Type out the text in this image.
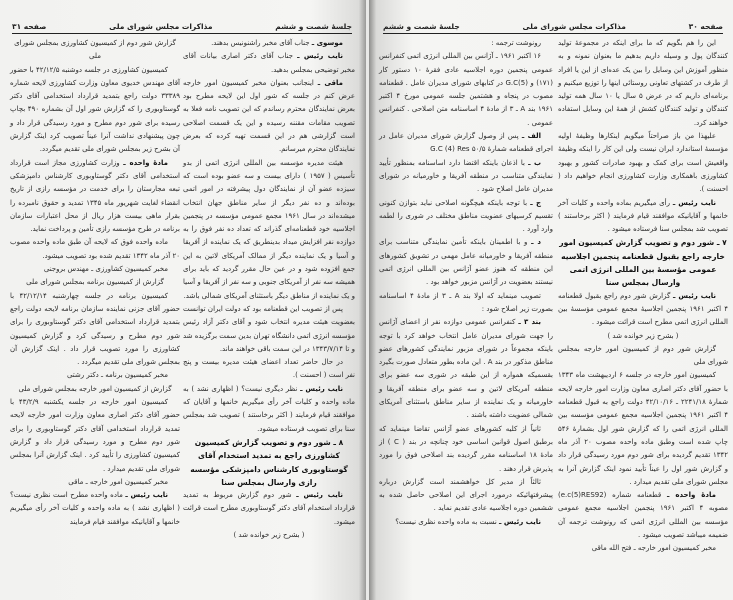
جلسهٔ شصت و ششم
مذاکرات مجلس شورای ملی
صفحه ۳۱

موسوی ـ جناب آقای مخبر راشنونیس بدهند.

نایب رئیس ـ جناب آقای دکتر اصاری بیانات آقای مخبر توضیحی بمجلس بدهید.

ماقی ـ اینجانب بعنوان مخبر کمیسیون امور خارجه عرض کنم در جلسه که شور اول این لایحه مطرح بود بعرض نمایندگان محترم رساندم که این تصویب نامه فعلا به تصویب مقامات مقننه رسیده و این یک قسمت اصلاحی است گزارشی هم در این قسمت تهیه کرده که بعرض نمایندگان محترم میرسانم.

هیئت مدیره مؤسسه بین المللی انرژی اتمی از بدو تأسیس ( ۱۹۵۷ ) دارای بیست و سه عضو بوده است که سیزده عضو آن از نمایندگان دول پیشرفته در امور اتمی بوده‌اند و ده نفر دیگر از سایر مناطق جهان انتخاب میشده‌اند در سال ۱۹۶۱ مجمع عمومی مؤسسه در پنجمین اجلاسیه خود قطعنامه‌ای گذراند که تعداد ده نفر فوق را به دوازده نفر افزایش میداد بدینطریق که یک نماینده از آفریقا و آسیا و یک نماینده دیگر از ممالک آمریکای لاتین به این جمع افزوده شود و در عین حال مقرر گردید که باید برای همیشه سه نفر از آمریکای جنوبی و سه نفر از آفریقا و آسیا و یک نماینده از مناطق دیگر باستثنای آمریکای شمالی باشد.

پس از تصویب این قطعنامه بود که دولت ایران توانست بعضویت هیئت مدیره انتخاب شود و آقای دکتر آزاد رئیس مؤسسه انرژی اتمی دانشگاه تهران بدین سمت برگزیده شد و تا ۱۳۴۳/۷/۱۴ در این سمت باقی خواهند ماند.

در حال حاضر تعداد اعضای هیئت مدیره بیست و پنج نفر است ( احسنت ).

نایب رئیس ـ نظر دیگری نیست؟ ( اظهاری نشد ) به ماده واحده و کلیات آخر رأی میگیریم خانمها و آقایان که موافقند قیام فرمایند ( اکثر برخاستند ) تصویب شد بمجلس سنا برای تصویب فرستاده میشود.

۸ ـ شور دوم و تصویب گزارش کمیسیون کشاورزی راجع به تمدید استخدام آقای گوستاوبوری کارشناس دامپزشکی مؤسسه رازی وارسال بمجلس سنا

نایب رئیس ـ شور دوم گزارش مربوط به تمدید قرارداد استخدام آقای دکتر گوستاوبوری مطرح است قرائت میشود.

( بشرح زیر خوانده شد )

گزارش شور دوم از کمیسیون کشاورزی بمجلس شورای ملی

کمیسیون کشاورزی در جلسه دوشنبه ۴۲/۱۲/۵ با حضور آقای مهندس خدیوی معاون وزارت کشاورزی لایحه شماره ۳۳۳۸۹ دولت راجع بتمدید قرارداد استخدامی آقای دکتر گوستاوبوری را که گزارش شور اول آن بشماره ۴۹۰ بچاپ رسیده برای شور دوم مطرح و مورد رسیدگی قرار داد و چون پیشنهادی نداشت آنرا عیناً تصویب کرد اینک گزارش آن بشرح زیر بمجلس شورای ملی تقدیم میگردد.

مادهٔ واحده ـ وزارت کشاورزی مجاز است قرارداد استخدامی آقای دکتر گوستاوبوری کارشناس دامپزشکی تبعه مجارستان را برای خدمت در مؤسسه رازی از تاریخ انقضاء لغایت شهریور ماه ۱۳۴۵ تمدید و حقوق نامبرده را بقرار ماهی بیست هزار ریال از محل اعتبارات سازمان برنامه در طرح مؤسسه رازی تأمین و پرداخت نماید.

ماده واحده فوق که لایحه آن طبق ماده واحده مصوب ۲۰ آذر ماه ۱۳۴۲ تقدیم شده بود تصویب میشود.

مخبر کمیسیون کشاورزی ـ مهندس بروجنی

گزارش از کمیسیون برنامه بمجلس شورای ملی

کمیسیون برنامه در جلسه چهارشنبه ۴۲/۱۲/۱۴ با حضور آقای جزنی نماینده سازمان برنامه لایحه دولت راجع بتمدید قرارداد استخدامی آقای دکتر گوستاوبوری را برای شور دوم مطرح و رسیدگی کرد و گزارش کمیسیون کشاورزی را مورد تصویب قرار داد . اینک گزارش آن بمجلس شورای ملی تقدیم میگردد .

مخبر کمیسیون برنامه ـ دکتر رشتی

گزارش از کمیسیون امور خارجه بمجلس شورای ملی

کمیسیون امور خارجه در جلسه یکشنبه ۴۳/۲/۹ با حضور آقای دکتر اصاری معاون وزارت امور خارجه لایحه تمدید قرارداد استخدامی آقای دکتر گوستاوبوری را برای شور دوم مطرح و مورد رسیدگی قرار داد و گزارش کمیسیون کشاورزی را تأیید کرد . اینک گزارش آنرا بمجلس شورای ملی تقدیم میدارد .

مخبر کمیسیون امور خارجه ـ ماقی

نایب رئیس ـ ماده واحده مطرح است نظری نیست؟ ( اظهاری نشد ) به ماده واحده و کلیات آخر رأی میگیریم خانمها و آقایانیکه موافقند قیام فرمایند

صفحه ۳۰
مذاکرات مجلس شورای ملی
جلسهٔ شصت و ششم

رونوشت ترجمه :

۱۶ اکتبر ۱۹۶۱ ـ آژانس بین المللی انرژی اتمی کنفرانس عمومی پنجمین دوره اجلاسیه عادی فقرهٔ ۱۰ دستور کار (۱۷۱) و G.C(5) در کتابهای شورای مدیران عامل . قطعنامه مصوب در پنجاه و هشتمین جلسه عمومی مورخ ۴ اکتبر ۱۹۶۱ بند A ـ ۳ از مادهٔ ۴ اساسنامه متن اصلاحی . کنفرانس عمومی .

الف ـ پس از وصول گزارش شورای مدیران عامل در اجرای قطعنامه شمارهٔ ۵۰/۵ G.C (4) Res

ب ـ با اذعان باینکه اقتضا دارد اساسنامه بمنظور تأیید نمایندگی متناسب در منطقه آفریقا و خاورمیانه در شورای مدیران عامل اصلاح شود .

ج ـ با توجه باینکه هیچگونه اصلاحی نباید بتوازن کنونی تقسیم کرسیهای عضویت مناطق مختلف در شوری را لطمه وارد آورد .

د ـ و با اطمینان باینکه تأمین نمایندگی متناسب برای منطقه آفریقا و خاورمیانه عامل مهمی در تشویق کشورهای این منطقه که هنوز عضو آژانس بین المللی انرژی اتمی نیستند بعضویت در آژانس مزبور خواهد بود .

تصویب مینماید که اولا بند A ـ ۳ از مادهٔ ۴ اساسنامه بصورت زیر اصلاح شود :

بند ۳ ـ کنفرانس عمومی دوازده نفر از اعضای آژانس را جهت شورای مدیران عامل انتخاب خواهد کرد با توجه باینکه مجموعاً در شورای مزبور نمایندگی کشورهای عضو مناطق مذکور در بند A . این ماده بطور متعادل صورت بگیرد بقسمیکه همواره از این طبقه در شوری سه عضو برای منطقه آمریکای لاتین و سه عضو برای منطقه آفریقا و خاورمیانه و یک نماینده از سایر مناطق باستثنای آمریکای شمالی عضویت داشته باشند .

ثانیاً از کلیه کشورهای عضو آژانس تقاضا مینماید که برطبق اصول قوانین اساسی خود چنانچه در بند ( C ) از مادهٔ ۱۸ اساسنامه مقرر گردیده بند اصلاحی فوق را مورد پذیرش قرار دهند .

ثالثاً از مدیر کل خواهشمند است گزارش درباره پیشرفتهائیکه درمورد اجرای این اصلاحی حاصل شده به ششمین دوره اجلاسیه عادی تقدیم نماید .

نایب رئیس ـ نسبت به ماده واحده نظری نیست؟

این را هم بگویم که ما برای اینکه در مجموعهٔ تولید کنندگان پول و وسیله داریم بدهیم ما بعنوان نمونه و به منظور آموزش این وسایل را بین یک عده‌ای از این یا افراد از طرف در کشتهای تعاونی روستائی اینها را توزیع میکنیم و برنامه‌ای داریم که در عرض ۵ سال یا ۱۰ سال همه تولید کنندگان و تولید کنندگان کشش از همهٔ این وسایل استفاده خواهند کرد.

علیهذا من باز صراحتاً میگویم اینکارها وظیفهٔ اولیه مؤسسهٔ استاندارد ایران نیست ولی این کار را اینکه وظیفهٔ واقعیش است برای کمک و بهبود صادرات کشور و بهبود کشاورزی باهمکاری وزارت کشاورزی انجام خواهیم داد ( احسنت ).

نایب رئیس ـ رأی میگیریم بماده واحده و کلیات آخر خانمها و آقایانیکه موافقند قیام فرمایند ( اکثر برخاستند ) تصویب شد بمجلس سنا فرستاده میشود .

۷ ـ شور دوم و تصویب گزارش کمیسیون امور خارجه راجع بقبول قطعنامه پنجمین اجلاسیه عمومی مؤسسهٔ بین المللی انرژی اتمی وارسال بمجلس سنا

نایب رئیس ـ گزارش شور دوم راجع بقبول قطعنامه ۴ اکتبر ۱۹۶۱ پنجمین اجلاسیهٔ مجمع عمومی مؤسسهٔ بین المللی انرژی اتمی مطرح است قرائت میشود .

( بشرح زیر خوانده شد )

گزارش شور دوم از کمیسیون امور خارجه بمجلس شورای ملی

کمیسیون امور خارجه در جلسه ۶ اردیبهشت ماه ۱۳۴۳ با حضور آقای دکتر اصاری معاون وزارت امور خارجه لایحه شمارهٔ ۲۲۴۱/۱۸ ـ ۴۲/۱۰/۱۶ دولت راجع به قبول قطعنامه ۴ اکتبر ۱۹۶۱ پنجمین اجلاسیه مجمع عمومی مؤسسه بین المللی انرژی اتمی را که گزارش شور اول بشمارهٔ ۵۴۶ چاپ شده است وطبق ماده واحده مصوب ۲۰ آذر ماه ۱۳۴۲ تقدیم گردیده برای شور دوم مورد رسیدگی قرار داد و گزارش شور اول را عیناً تأیید نمود اینک گزارش آنرا به مجلس شورای ملی تقدیم میدارد .

مادهٔ واحده ـ قطعنامه شماره (e.c(5)RES92) مصوبه ۴ اکتبر ۱۹۶۱ پنجمین اجلاسیه مجمع عمومی مؤسسه بین المللی انرژی اتمی که رونوشت ترجمه آن ضمیمه میباشد تصویب میشود .

مخبر کمیسیون امور خارجه ـ فتح الله ماقی
